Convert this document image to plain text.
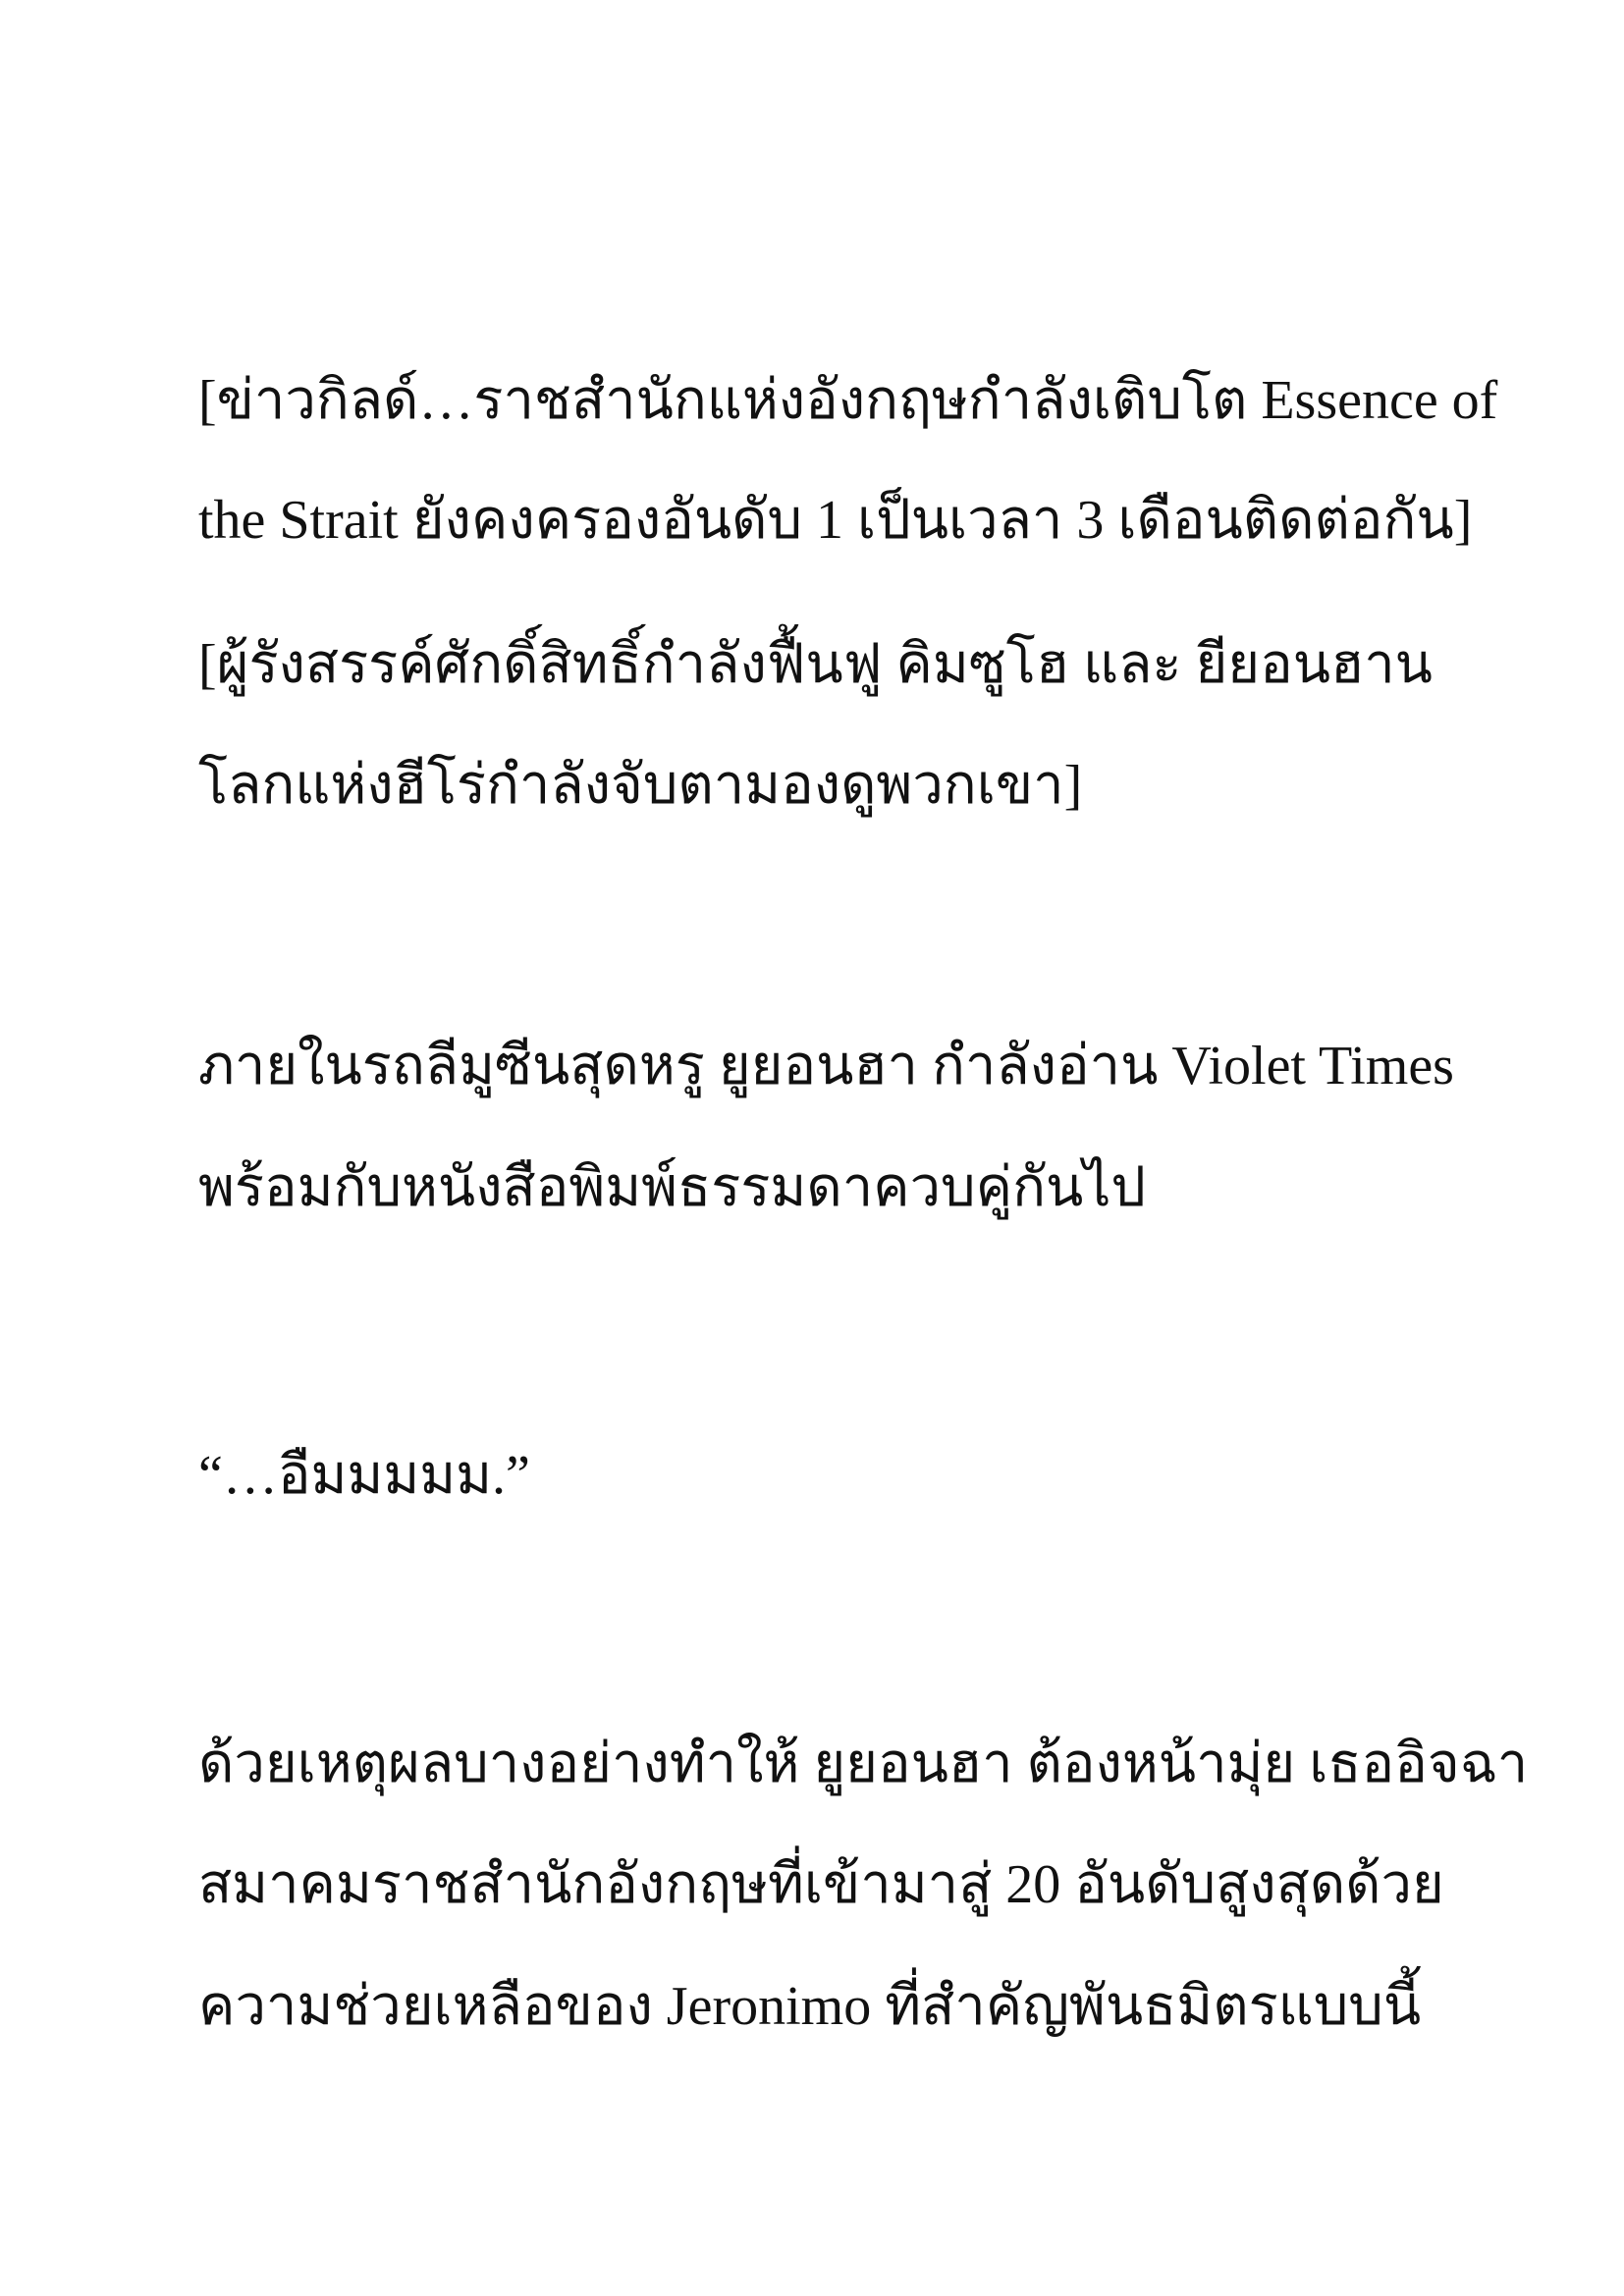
[ข่าวกิลด์…ราชสำนักแห่งอังกฤษกำลังเติบโต Essence of
the Strait ยังคงครองอันดับ 1 เป็นเวลา 3 เดือนติดต่อกัน]
[ผู้รังสรรค์ศักดิ์สิทธิ์กำลังฟื้นฟู คิมซูโฮ และ ยียอนฮาน
โลกแห่งฮีโร่กำลังจับตามองดูพวกเขา]
ภายในรถลีมูซีนสุดหรู ยูยอนฮา กำลังอ่าน Violet Times
พร้อมกับหนังสือพิมพ์ธรรมดาควบคู่กันไป
“…อืมมมมม.”
ด้วยเหตุผลบางอย่างทำให้ ยูยอนฮา ต้องหน้ามุ่ย เธออิจฉา
สมาคมราชสำนักอังกฤษที่เข้ามาสู่ 20 อันดับสูงสุดด้วย
ความช่วยเหลือของ Jeronimo ที่สำคัญพันธมิตรแบบนี้
